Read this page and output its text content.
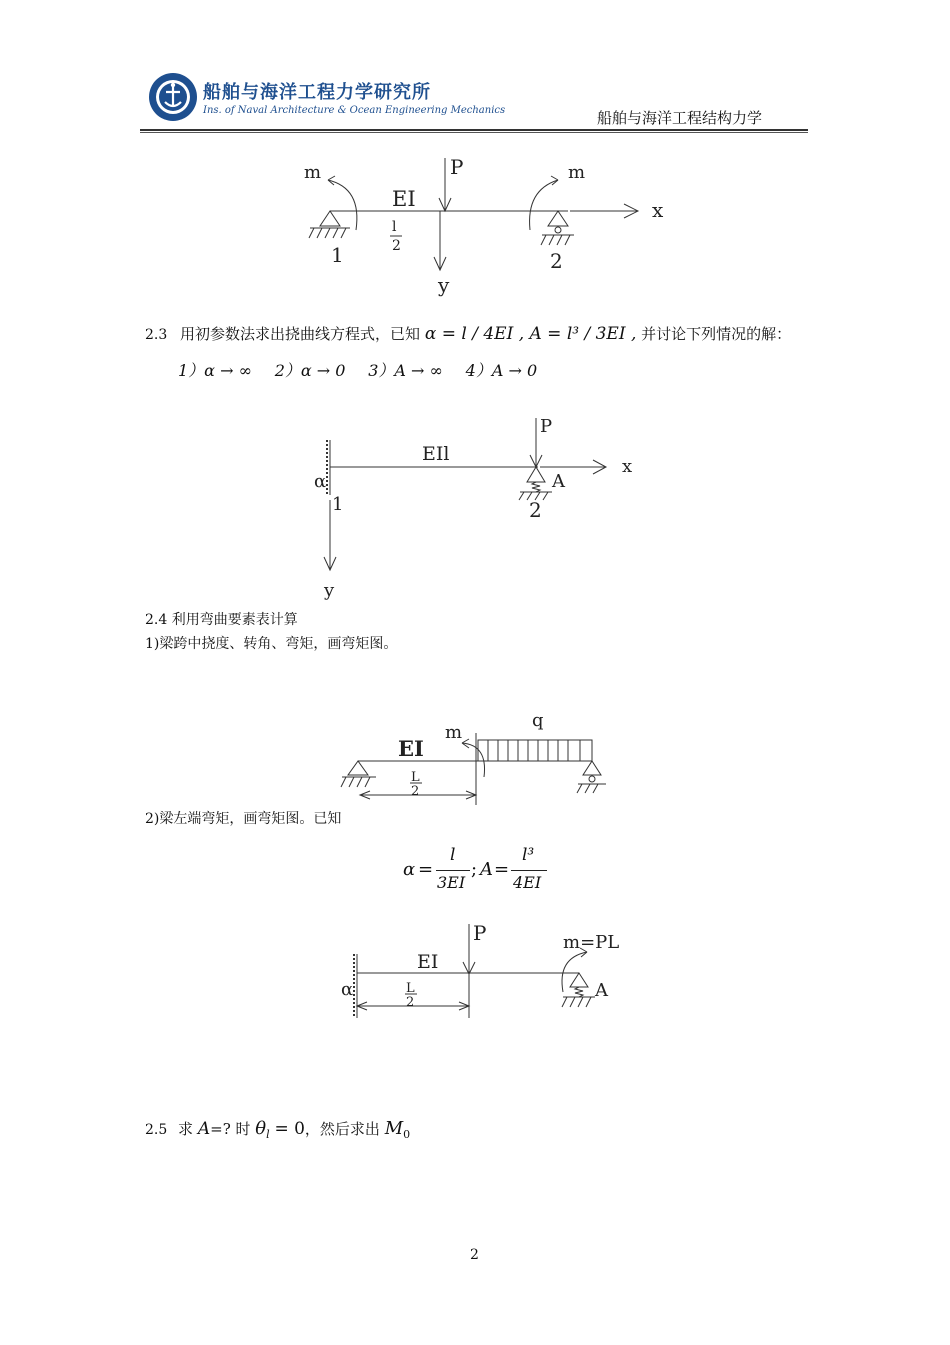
船舶与海洋工程力学研究所
Ins. of Naval Architecture & Ocean Engineering Mechanics	船舶与海洋工程结构力学
m	m
EI
P
l
2
x
y
1	2
2.3 用初参数法求出挠曲线方程式，已知 α = l / 4EI , A = l³ / 3EI , 并讨论下列情况的解：
1）α → ∞ 2）α → 0 3）A → ∞ 4）A → 0
P
EIl
x
y
α
1	2
A
2.4 利用弯曲要素表计算
1)梁跨中挠度、转角、弯矩，画弯矩图。
m
q
EI
L
2
2)梁左端弯矩，画弯矩图。已知
α =
l
3EI
; A =
l³
4EI
P	m=PL
EI
α	L
2
A
2.5 求 A=? 时 $\theta_l = 0$，然后求出 $M_0$
2
